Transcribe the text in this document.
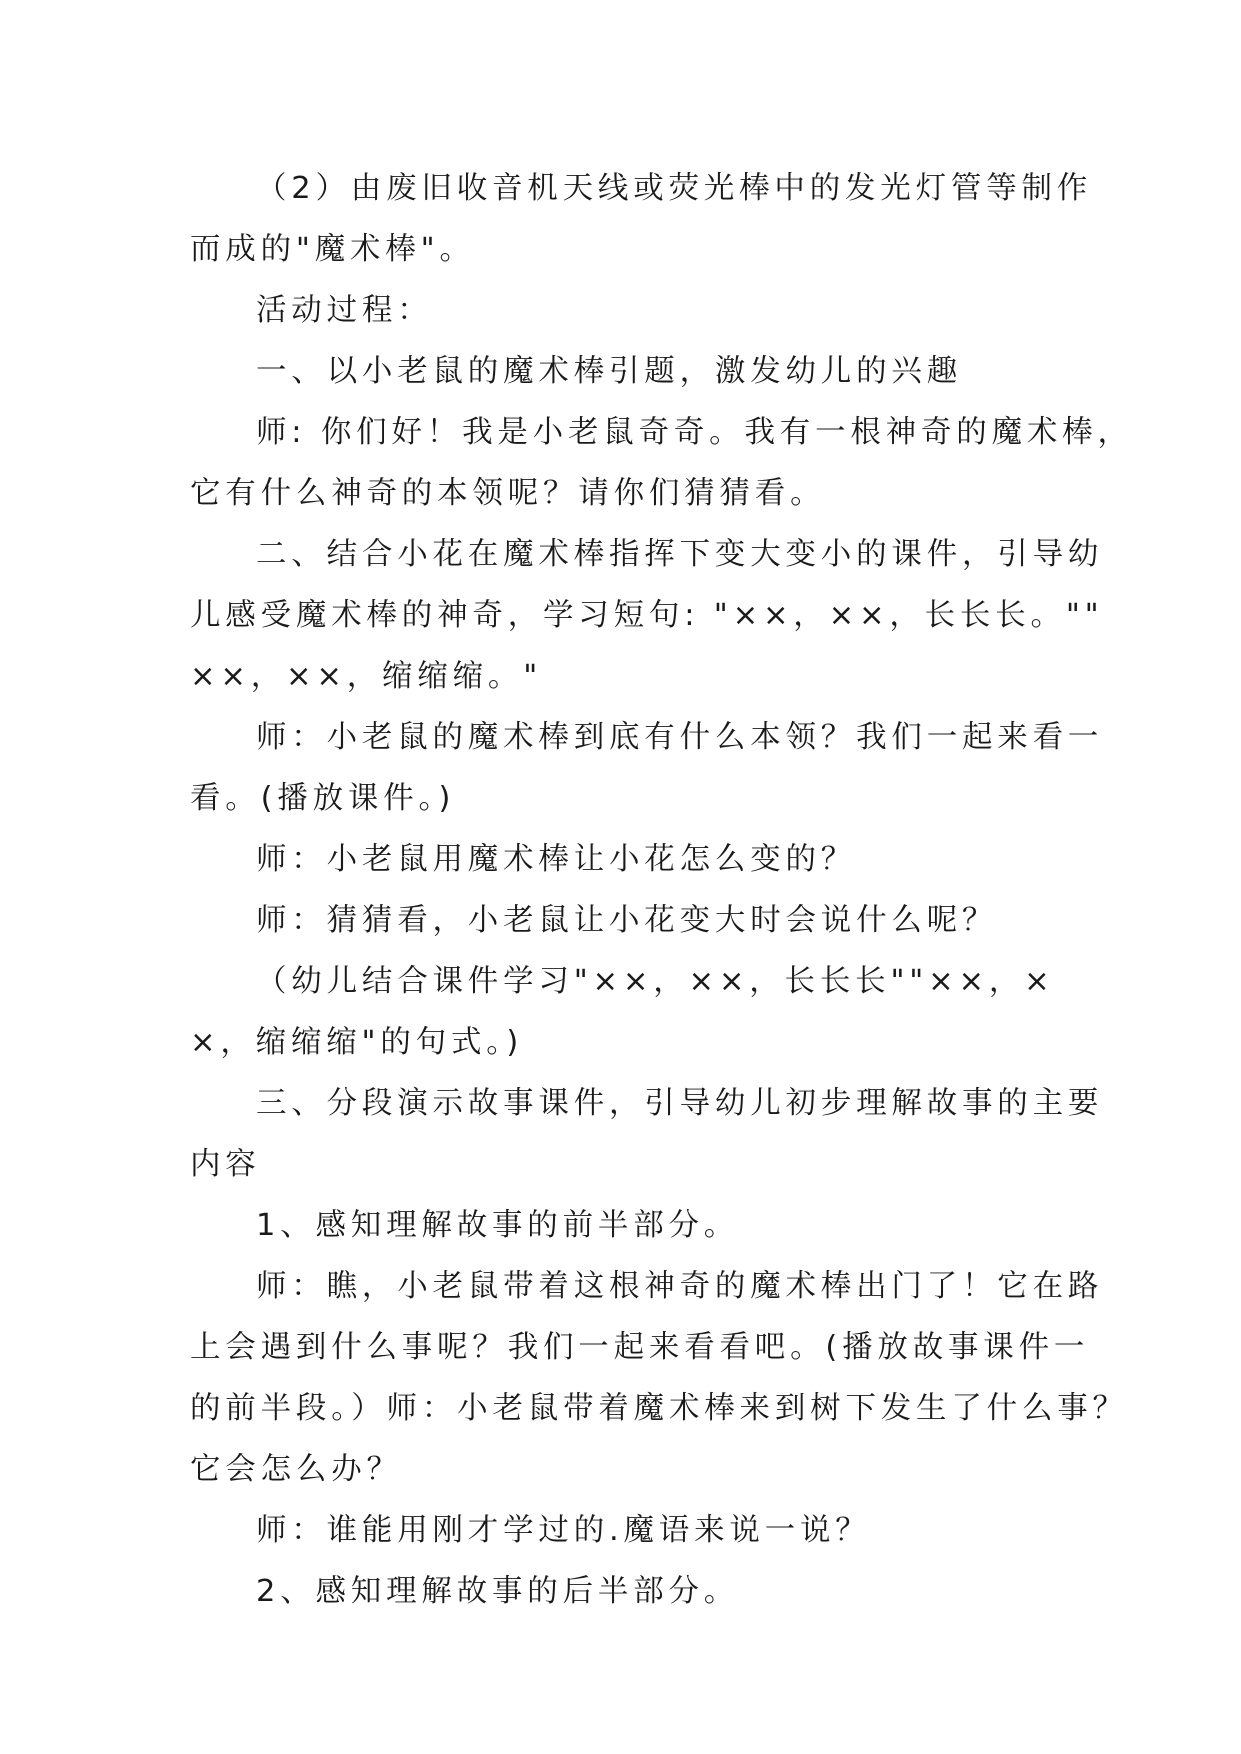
（2）由废旧收音机天线或荧光棒中的发光灯管等制作
而成的"魔术棒"。
活动过程：
一、以小老鼠的魔术棒引题，激发幼儿的兴趣
师: 你们好！我是小老鼠奇奇。我有一根神奇的魔术棒，
它有什么神奇的本领呢？请你们猜猜看。
二、结合小花在魔术棒指挥下变大变小的课件，引导幼
儿感受魔术棒的神奇，学习短句: "××，××，长长长。""
××，××，缩缩缩。"
师：小老鼠的魔术棒到底有什么本领？我们一起来看一
看。(播放课件。)
师：小老鼠用魔术棒让小花怎么变的？
师：猜猜看，小老鼠让小花变大时会说什么呢？
（幼儿结合课件学习"××，××，长长长""××，×
×，缩缩缩"的句式。)
三、分段演示故事课件，引导幼儿初步理解故事的主要
内容
1、感知理解故事的前半部分。
师：瞧，小老鼠带着这根神奇的魔术棒出门了！它在路
上会遇到什么事呢？我们一起来看看吧。(播放故事课件一
的前半段。）师：小老鼠带着魔术棒来到树下发生了什么事？
它会怎么办？
师：谁能用刚才学过的.魔语来说一说？
2、感知理解故事的后半部分。
